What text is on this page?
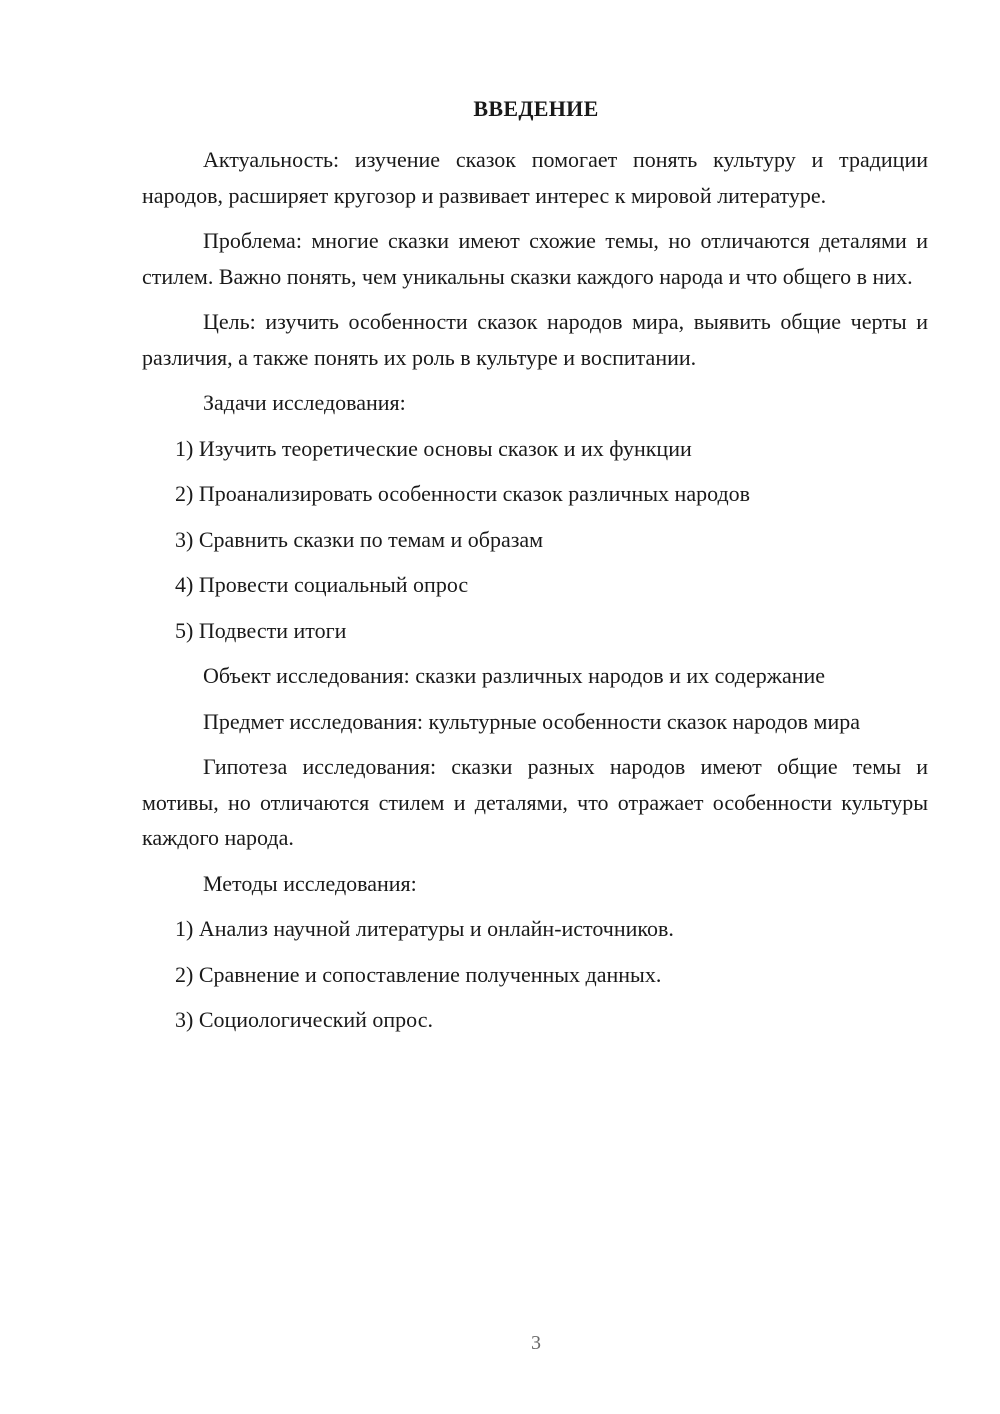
ВВЕДЕНИЕ

Актуальность: изучение сказок помогает понять культуру и традиции народов, расширяет кругозор и развивает интерес к мировой литературе.

Проблема: многие сказки имеют схожие темы, но отличаются деталями и стилем. Важно понять, чем уникальны сказки каждого народа и что общего в них.

Цель: изучить особенности сказок народов мира, выявить общие черты и различия, а также понять их роль в культуре и воспитании.

Задачи исследования:

1) Изучить теоретические основы сказок и их функции

2) Проанализировать особенности сказок различных народов

3) Сравнить сказки по темам и образам

4) Провести социальный опрос

5) Подвести итоги

Объект исследования: сказки различных народов и их содержание

Предмет исследования: культурные особенности сказок народов мира

Гипотеза исследования: сказки разных народов имеют общие темы и мотивы, но отличаются стилем и деталями, что отражает особенности культуры каждого народа.

Методы исследования:

1) Анализ научной литературы и онлайн-источников.

2) Сравнение и сопоставление полученных данных.

3) Социологический опрос.

3
